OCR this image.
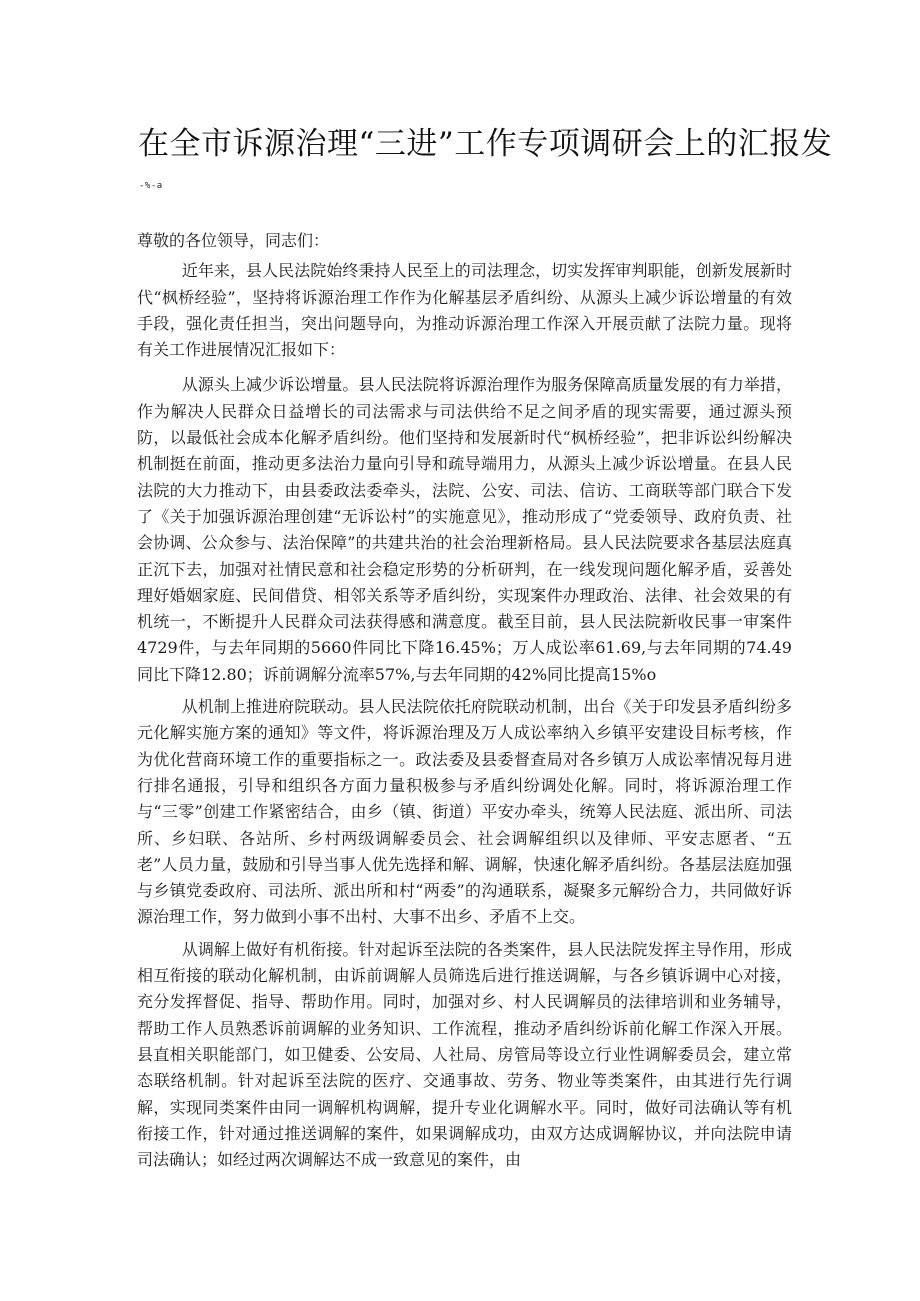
在全市诉源治理“三进”工作专项调研会上的汇报发
-%-a

尊敬的各位领导，同志们：

近年来，县人民法院始终秉持人民至上的司法理念，切实发挥审判职能，创新发展新时代“枫桥经验”，坚持将诉源治理工作作为化解基层矛盾纠纷、从源头上减少诉讼增量的有效手段，强化责任担当，突出问题导向，为推动诉源治理工作深入开展贡献了法院力量。现将有关工作进展情况汇报如下：

从源头上减少诉讼增量。县人民法院将诉源治理作为服务保障高质量发展的有力举措，作为解决人民群众日益增长的司法需求与司法供给不足之间矛盾的现实需要，通过源头预防，以最低社会成本化解矛盾纠纷。他们坚持和发展新时代“枫桥经验”，把非诉讼纠纷解决机制挺在前面，推动更多法治力量向引导和疏导端用力，从源头上减少诉讼增量。在县人民法院的大力推动下，由县委政法委牵头，法院、公安、司法、信访、工商联等部门联合下发了《关于加强诉源治理创建“无诉讼村”的实施意见》，推动形成了“党委领导、政府负责、社会协调、公众参与、法治保障”的共建共治的社会治理新格局。县人民法院要求各基层法庭真正沉下去，加强对社情民意和社会稳定形势的分析研判，在一线发现问题化解矛盾，妥善处理好婚姻家庭、民间借贷、相邻关系等矛盾纠纷，实现案件办理政治、法律、社会效果的有机统一，不断提升人民群众司法获得感和满意度。截至目前，县人民法院新收民事一审案件4729件，与去年同期的5660件同比下降16.45%；万人成讼率61.69,与去年同期的74.49同比下降12.80；诉前调解分流率57%,与去年同期的42%同比提高15%o

从机制上推进府院联动。县人民法院依托府院联动机制，出台《关于印发县矛盾纠纷多元化解实施方案的通知》等文件，将诉源治理及万人成讼率纳入乡镇平安建设目标考核，作为优化营商环境工作的重要指标之一。政法委及县委督查局对各乡镇万人成讼率情况每月进行排名通报，引导和组织各方面力量积极参与矛盾纠纷调处化解。同时，将诉源治理工作与“三零”创建工作紧密结合，由乡（镇、街道）平安办牵头，统筹人民法庭、派出所、司法所、乡妇联、各站所、乡村两级调解委员会、社会调解组织以及律师、平安志愿者、“五老”人员力量，鼓励和引导当事人优先选择和解、调解，快速化解矛盾纠纷。各基层法庭加强与乡镇党委政府、司法所、派出所和村“两委”的沟通联系，凝聚多元解纷合力，共同做好诉源治理工作，努力做到小事不出村、大事不出乡、矛盾不上交。

从调解上做好有机衔接。针对起诉至法院的各类案件，县人民法院发挥主导作用，形成相互衔接的联动化解机制，由诉前调解人员筛选后进行推送调解，与各乡镇诉调中心对接，充分发挥督促、指导、帮助作用。同时，加强对乡、村人民调解员的法律培训和业务辅导，帮助工作人员熟悉诉前调解的业务知识、工作流程，推动矛盾纠纷诉前化解工作深入开展。县直相关职能部门，如卫健委、公安局、人社局、房管局等设立行业性调解委员会，建立常态联络机制。针对起诉至法院的医疗、交通事故、劳务、物业等类案件，由其进行先行调解，实现同类案件由同一调解机构调解，提升专业化调解水平。同时，做好司法确认等有机衔接工作，针对通过推送调解的案件，如果调解成功，由双方达成调解协议，并向法院申请司法确认；如经过两次调解达不成一致意见的案件，由
